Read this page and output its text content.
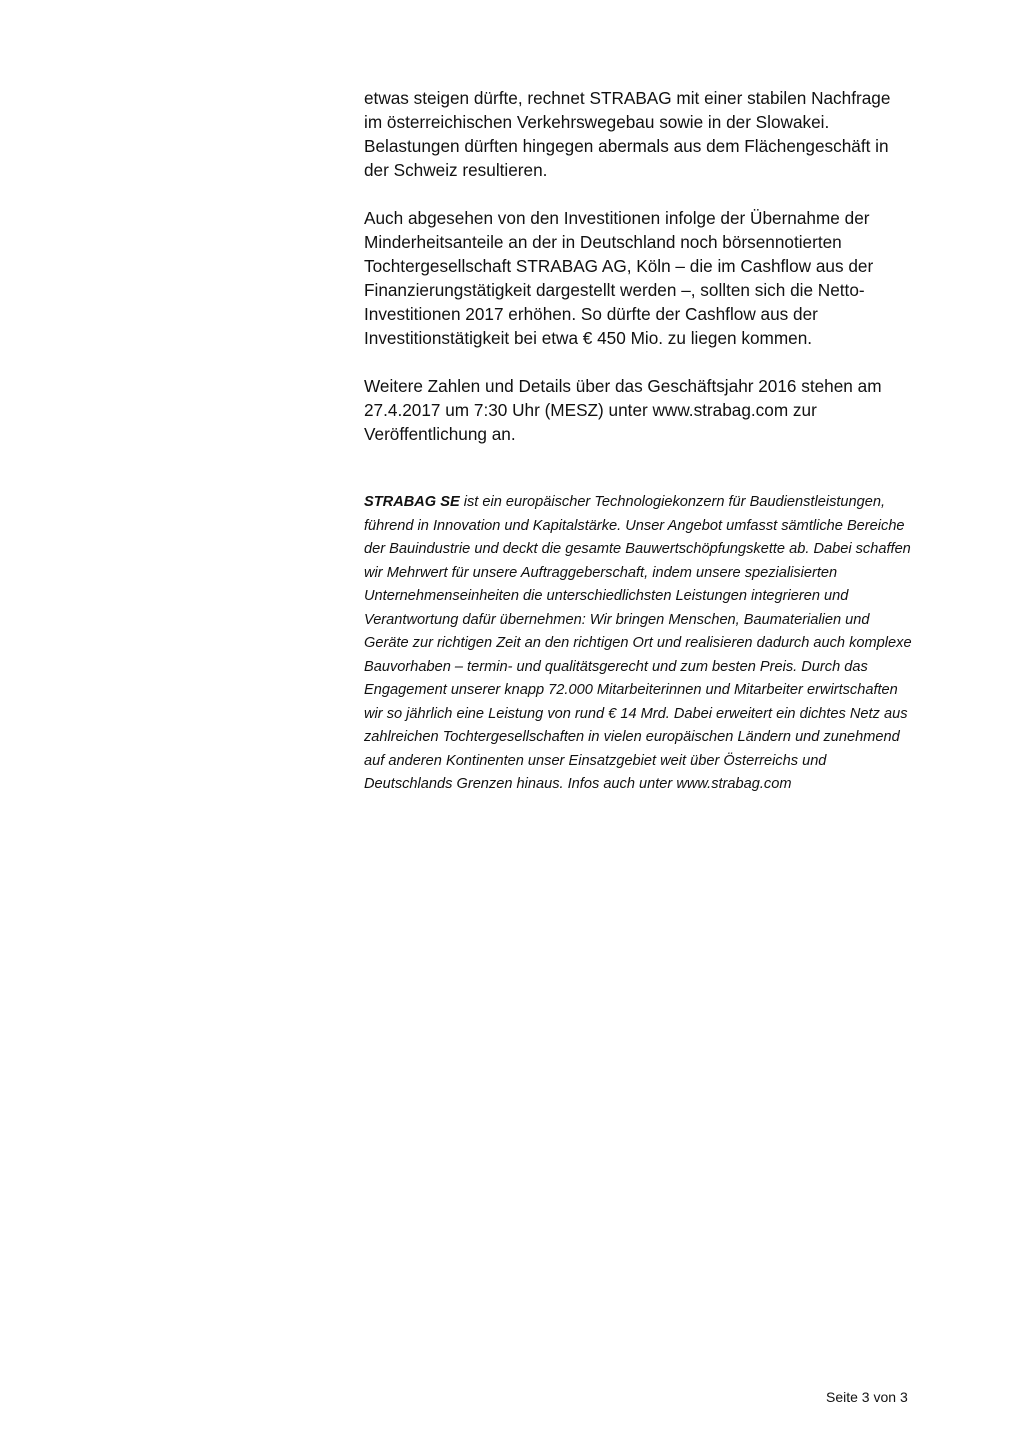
etwas steigen dürfte, rechnet STRABAG mit einer stabilen Nachfrage
im österreichischen Verkehrswegebau sowie in der Slowakei.
Belastungen dürften hingegen abermals aus dem Flächengeschäft in
der Schweiz resultieren.

Auch abgesehen von den Investitionen infolge der Übernahme der
Minderheitsanteile an der in Deutschland noch börsennotierten
Tochtergesellschaft STRABAG AG, Köln – die im Cashflow aus der
Finanzierungstätigkeit dargestellt werden –, sollten sich die Netto-
Investitionen 2017 erhöhen. So dürfte der Cashflow aus der
Investitionstätigkeit bei etwa € 450 Mio. zu liegen kommen.

Weitere Zahlen und Details über das Geschäftsjahr 2016 stehen am
27.4.2017 um 7:30 Uhr (MESZ) unter www.strabag.com zur
Veröffentlichung an.

STRABAG SE ist ein europäischer Technologiekonzern für Baudienstleistungen,
führend in Innovation und Kapitalstärke. Unser Angebot umfasst sämtliche Bereiche
der Bauindustrie und deckt die gesamte Bauwertschöpfungskette ab. Dabei schaffen
wir Mehrwert für unsere Auftraggeberschaft, indem unsere spezialisierten
Unternehmenseinheiten die unterschiedlichsten Leistungen integrieren und
Verantwortung dafür übernehmen: Wir bringen Menschen, Baumaterialien und
Geräte zur richtigen Zeit an den richtigen Ort und realisieren dadurch auch komplexe
Bauvorhaben – termin- und qualitätsgerecht und zum besten Preis. Durch das
Engagement unserer knapp 72.000 Mitarbeiterinnen und Mitarbeiter erwirtschaften
wir so jährlich eine Leistung von rund € 14 Mrd. Dabei erweitert ein dichtes Netz aus
zahlreichen Tochtergesellschaften in vielen europäischen Ländern und zunehmend
auf anderen Kontinenten unser Einsatzgebiet weit über Österreichs und
Deutschlands Grenzen hinaus. Infos auch unter www.strabag.com

Seite 3 von 3
